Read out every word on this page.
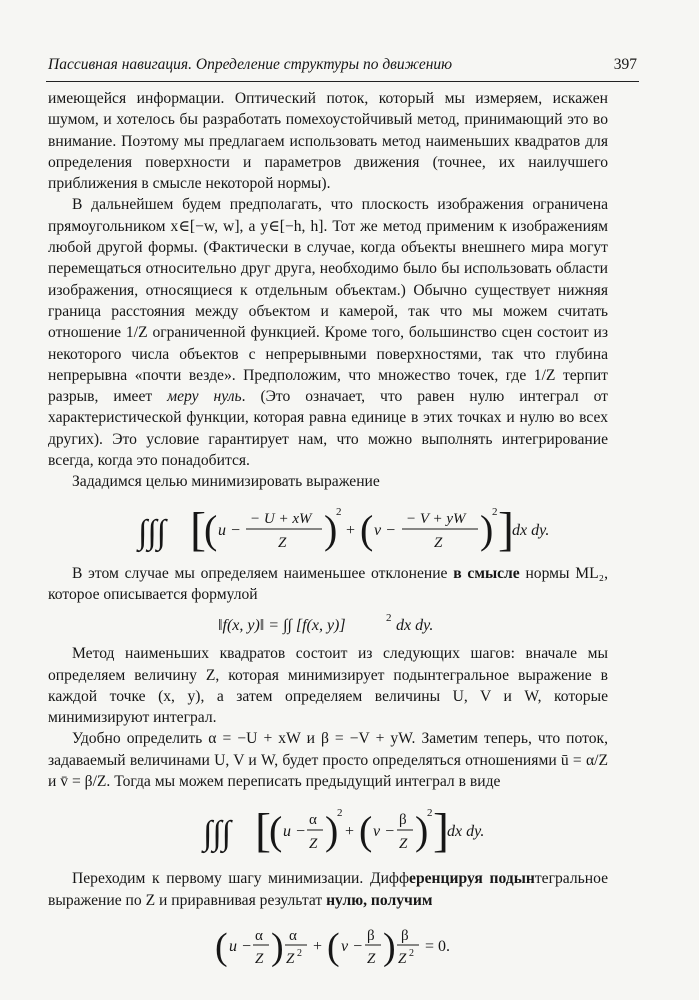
Пассивная навигация. Определение структуры по движению	397

имеющейся информации. Оптический поток, который мы измеряем, искажен шумом, и хотелось бы разработать помехоустойчивый метод, принимающий это во внимание. Поэтому мы предлагаем использовать метод наименьших квадратов для определения поверхности и параметров движения (точнее, их наилучшего приближения в смысле некоторой нормы).

В дальнейшем будем предполагать, что плоскость изображения ограничена прямоугольником x∈[−w, w], а y∈[−h, h]. Тот же метод применим к изображениям любой другой формы. (Фактически в случае, когда объекты внешнего мира могут перемещаться относительно друг друга, необходимо было бы использовать области изображения, относящиеся к отдельным объектам.) Обычно существует нижняя граница расстояния между объектом и камерой, так что мы можем считать отношение 1/Z ограниченной функцией. Кроме того, большинство сцен состоит из некоторого числа объектов с непрерывными поверхностями, так что глубина непрерывна «почти везде». Предположим, что множество точек, где 1/Z терпит разрыв, имеет меру нуль. (Это означает, что равен нулю интеграл от характеристической функции, которая равна единице в этих точках и нулю во всех других). Это условие гарантирует нам, что можно выполнять интегрирование всегда, когда это понадобится.

Зададимся целью минимизировать выражение

∫∫∫ [
( u −
− U + xW
Z )
2
+ ( v −
− V + yW
Z )
2 ]
dx dy.

В этом случае мы определяем наименьшее отклонение в смысле нормы ML₂, которое описывается формулой

‖f(x, y)‖ = ∫∫ [f(x, y)]	2 dx dy.

Метод наименьших квадратов состоит из следующих шагов: вначале мы определяем величину Z, которая минимизирует подынтегральное выражение в каждой точке (x, y), а затем определяем величины U, V и W, которые минимизируют интеграл.

Удобно определить α = −U + xW и β = −V + yW. Заметим теперь, что поток, задаваемый величинами U, V и W, будет просто определяться отношениями ū = α/Z и v̄ = β/Z. Тогда мы можем переписать предыдущий интеграл в виде

∫∫∫ [
( u −
α
Z )
2
+ ( v −
β
Z )
2 ]
dx dy.

Переходим к первому шагу минимизации. Дифференцируя подынтегральное выражение по Z и приравнивая результат нулю, получим

( u −
α
Z ) α
Z 2 + ( v −
β
Z ) β
Z 2 = 0.
